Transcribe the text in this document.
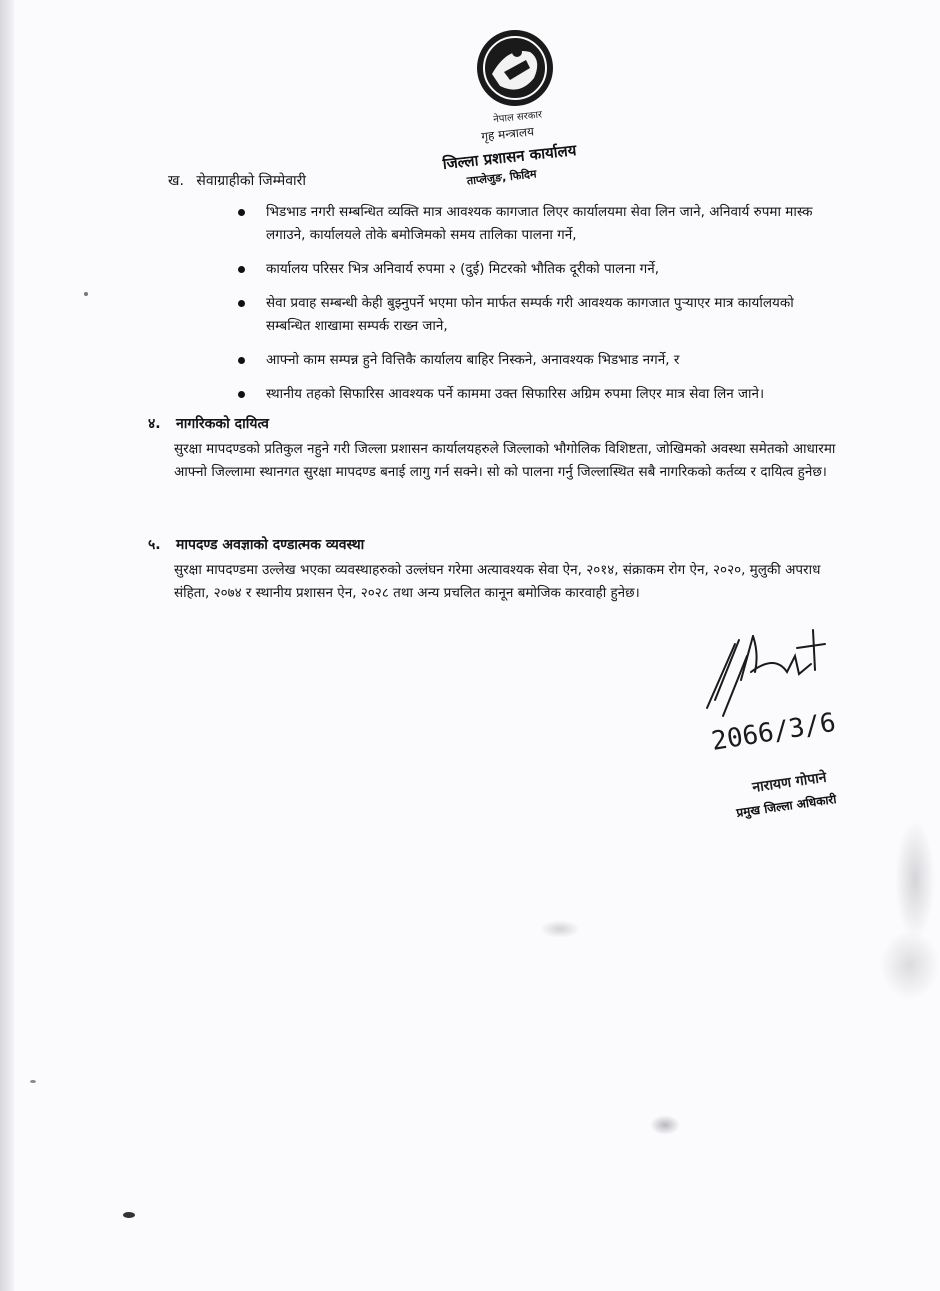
नेपाल सरकार
गृह मन्त्रालय
जिल्ला प्रशासन कार्यालय
ताप्लेजुङ, फिदिम
ख. सेवाग्राहीको जिम्मेवारी
भिडभाड नगरी सम्बन्धित व्यक्ति मात्र आवश्यक कागजात लिएर कार्यालयमा सेवा लिन जाने, अनिवार्य रुपमा मास्क लगाउने, कार्यालयले तोके बमोजिमको समय तालिका पालना गर्ने,
कार्यालय परिसर भित्र अनिवार्य रुपमा २ (दुई) मिटरको भौतिक दूरीको पालना गर्ने,
सेवा प्रवाह सम्बन्धी केही बुझ्नुपर्ने भएमा फोन मार्फत सम्पर्क गरी आवश्यक कागजात पुऱ्याएर मात्र कार्यालयको सम्बन्धित शाखामा सम्पर्क राख्न जाने,
आफ्नो काम सम्पन्न हुने वित्तिकै कार्यालय बाहिर निस्कने, अनावश्यक भिडभाड नगर्ने, र
स्थानीय तहको सिफारिस आवश्यक पर्ने काममा उक्त सिफारिस अग्रिम रुपमा लिएर मात्र सेवा लिन जाने।
४. नागरिकको दायित्व

सुरक्षा मापदण्डको प्रतिकुल नहुने गरी जिल्ला प्रशासन कार्यालयहरुले जिल्लाको भौगोलिक विशिष्टता, जोखिमको अवस्था समेतको आधारमा आफ्नो जिल्लामा स्थानगत सुरक्षा मापदण्ड बनाई लागु गर्न सक्ने। सो को पालना गर्नु जिल्लास्थित सबै नागरिकको कर्तव्य र दायित्व हुनेछ।

५. मापदण्ड अवज्ञाको दण्डात्मक व्यवस्था

सुरक्षा मापदण्डमा उल्लेख भएका व्यवस्थाहरुको उल्लंघन गरेमा अत्यावश्यक सेवा ऐन, २०१४, संक्राकम रोग ऐन, २०२०, मुलुकी अपराध संहिता, २०७४ र स्थानीय प्रशासन ऐन, २०२८ तथा अन्य प्रचलित कानून बमोजिक कारवाही हुनेछ।

2066/3/6
नारायण गोपाने
प्रमुख जिल्ला अधिकारी
